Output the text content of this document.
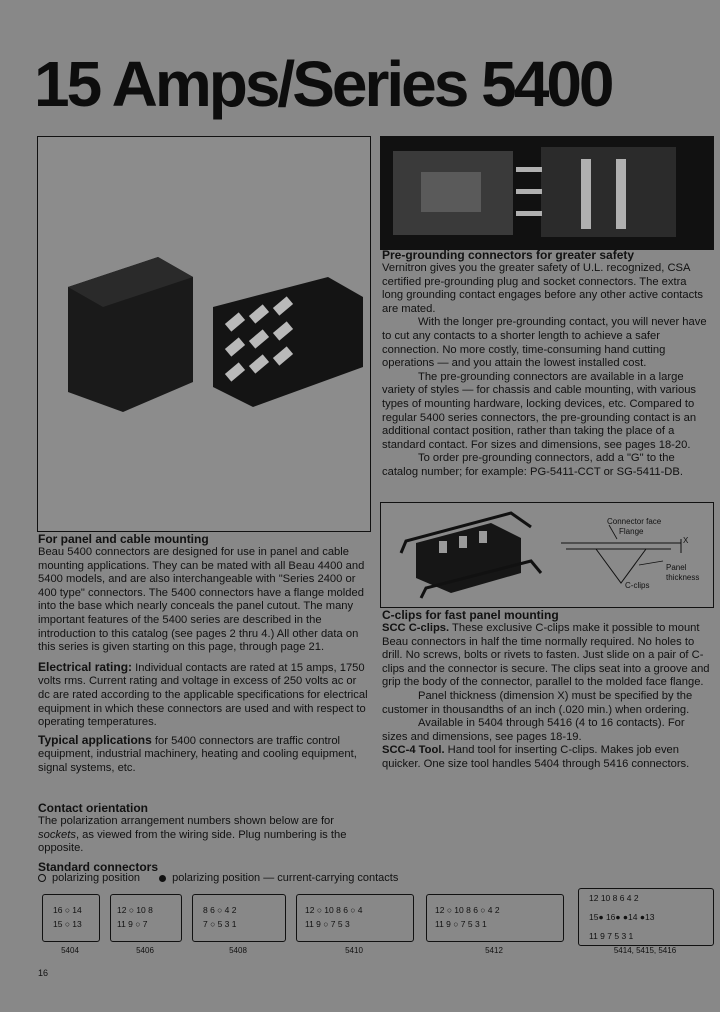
15 Amps/Series 5400
Pre-grounding connectors for greater safety

Vernitron gives you the greater safety of U.L. recognized, CSA certified pre-grounding plug and socket connectors. The extra long grounding contact engages before any other active contacts are mated.

With the longer pre-grounding contact, you will never have to cut any contacts to a shorter length to achieve a safer connection. No more costly, time-consuming hand cutting operations — and you attain the lowest installed cost.

The pre-grounding connectors are available in a large variety of styles — for chassis and cable mounting, with various types of mounting hardware, locking devices, etc. Compared to regular 5400 series connectors, the pre-grounding contact is an additional contact position, rather than taking the place of a standard contact. For sizes and dimensions, see pages 18-20.

To order pre-grounding connectors, add a "G" to the catalog number; for example: PG-5411-CCT or SG-5411-DB.

Connector face
Flange
X
Panel
thickness
C-clips
C-clips for fast panel mounting

SCC C-clips. These exclusive C-clips make it possible to mount Beau connectors in half the time normally required. No holes to drill. No screws, bolts or rivets to fasten. Just slide on a pair of C-clips and the connector is secure. The clips seat into a groove and grip the body of the connector, parallel to the molded face flange.

Panel thickness (dimension X) must be specified by the customer in thousandths of an inch (.020 min.) when ordering.

Available in 5404 through 5416 (4 to 16 contacts). For sizes and dimensions, see pages 18-19.

SCC-4 Tool. Hand tool for inserting C-clips. Makes job even quicker. One size tool handles 5404 through 5416 connectors.

For panel and cable mounting

Beau 5400 connectors are designed for use in panel and cable mounting applications. They can be mated with all Beau 4400 and 5400 models, and are also interchangeable with "Series 2400 or 400 type" connectors. The 5400 connectors have a flange molded into the base which nearly conceals the panel cutout. The many important features of the 5400 series are described in the introduction to this catalog (see pages 2 thru 4.) All other data on this series is given starting on this page, through page 21.

Electrical rating: Individual contacts are rated at 15 amps, 1750 volts rms. Current rating and voltage in excess of 250 volts ac or dc are rated according to the applicable specifications for electrical equipment in which these connectors are used and with respect to operating temperatures.

Typical applications for 5400 connectors are traffic control equipment, industrial machinery, heating and cooling equipment, signal systems, etc.

Contact orientation

The polarization arrangement numbers shown below are for sockets, as viewed from the wiring side. Plug numbering is the opposite.

Standard connectors
polarizing position	polarizing position — current-carrying contacts
16 ○ 14
15 ○ 13
5404
12 ○ 10 8
11 9 ○ 7
5406
8 6 ○ 4 2
7 ○ 5 3 1
5408
12 ○ 10 8 6 ○ 4
11 9 ○ 7 5 3
5410
12 ○ 10 8 6 ○ 4 2
11 9 ○ 7 5 3 1
5412
12 10 8 6 4 2
15● 16● ●14 ●13
11 9 7 5 3 1
5414, 5415, 5416
16
